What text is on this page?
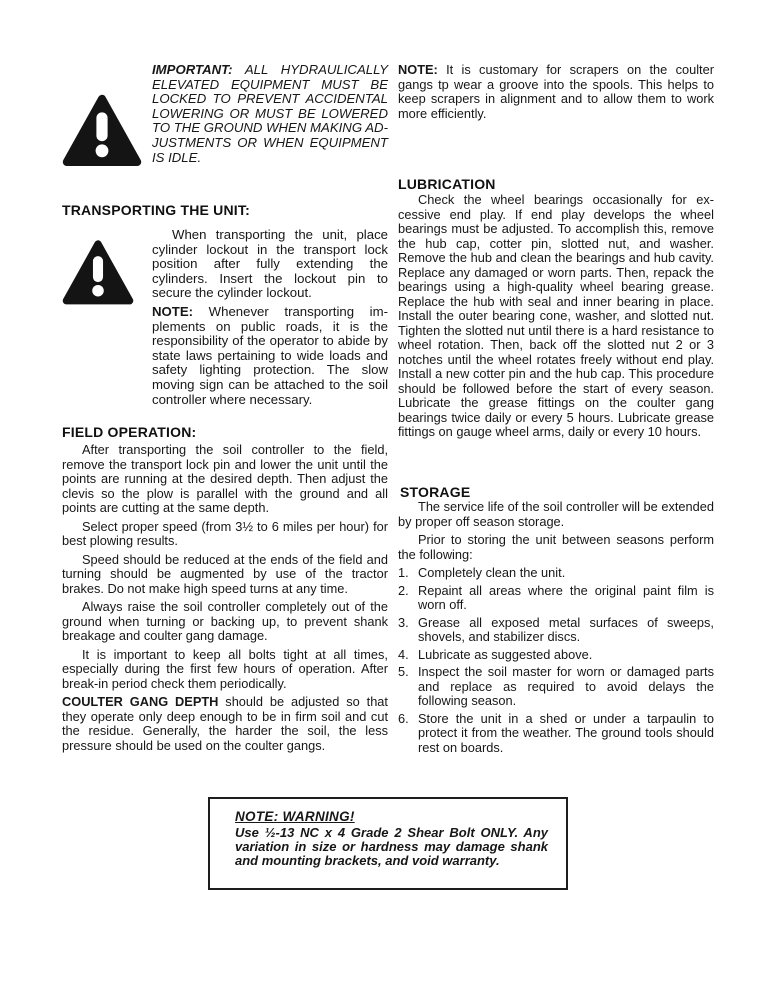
IMPORTANT: ALL HYDRAULICALLY ELEVATED EQUIPMENT MUST BE LOCKED TO PREVENT ACCIDENTAL LOWERING OR MUST BE LOWERED TO THE GROUND WHEN MAKING ADJUSTMENTS OR WHEN EQUIPMENT IS IDLE.

TRANSPORTING THE UNIT:

When transporting the unit, place cylinder lockout in the transport lock position after fully extending the cylinders. Insert the lockout pin to secure the cylinder lockout.

NOTE: Whenever transporting implements on public roads, it is the responsibility of the operator to abide by state laws pertaining to wide loads and safety lighting protection. The slow moving sign can be attached to the soil controller where necessary.

FIELD OPERATION:

After transporting the soil controller to the field, remove the transport lock pin and lower the unit until the points are running at the desired depth. Then adjust the clevis so the plow is parallel with the ground and all points are cutting at the same depth.

Select proper speed (from 3½ to 6 miles per hour) for best plowing results.

Speed should be reduced at the ends of the field and turning should be augmented by use of the tractor brakes. Do not make high speed turns at any time.

Always raise the soil controller completely out of the ground when turning or backing up, to prevent shank breakage and coulter gang damage.

It is important to keep all bolts tight at all times, especially during the first few hours of operation. After break-in period check them periodically.

COULTER GANG DEPTH should be adjusted so that they operate only deep enough to be in firm soil and cut the residue. Generally, the harder the soil, the less pressure should be used on the coulter gangs.

NOTE: It is customary for scrapers on the coulter gangs tp wear a groove into the spools. This helps to keep scrapers in alignment and to allow them to work more efficiently.

LUBRICATION

Check the wheel bearings occasionally for excessive end play. If end play develops the wheel bearings must be adjusted. To accomplish this, remove the hub cap, cotter pin, slotted nut, and washer. Remove the hub and clean the bearings and hub cavity. Replace any damaged or worn parts. Then, repack the bearings using a high-quality wheel bearing grease. Replace the hub with seal and inner bearing in place. Install the outer bearing cone, washer, and slotted nut. Tighten the slotted nut until there is a hard resistance to wheel rotation. Then, back off the slotted nut 2 or 3 notches until the wheel rotates freely without end play. Install a new cotter pin and the hub cap. This procedure should be followed before the start of every season. Lubricate the grease fittings on the coulter gang bearings twice daily or every 5 hours. Lubricate grease fittings on gauge wheel arms, daily or every 10 hours.

STORAGE

The service life of the soil controller will be extended by proper off season storage.

Prior to storing the unit between seasons perform the following:

1. Completely clean the unit.
2. Repaint all areas where the original paint film is worn off.
3. Grease all exposed metal surfaces of sweeps, shovels, and stabilizer discs.
4. Lubricate as suggested above.
5. Inspect the soil master for worn or damaged parts and replace as required to avoid delays the following season.
6. Store the unit in a shed or under a tarpaulin to protect it from the weather. The ground tools should rest on boards.

NOTE: WARNING!

Use ½-13 NC x 4 Grade 2 Shear Bolt ONLY. Any variation in size or hardness may damage shank and mounting brackets, and void warranty.
